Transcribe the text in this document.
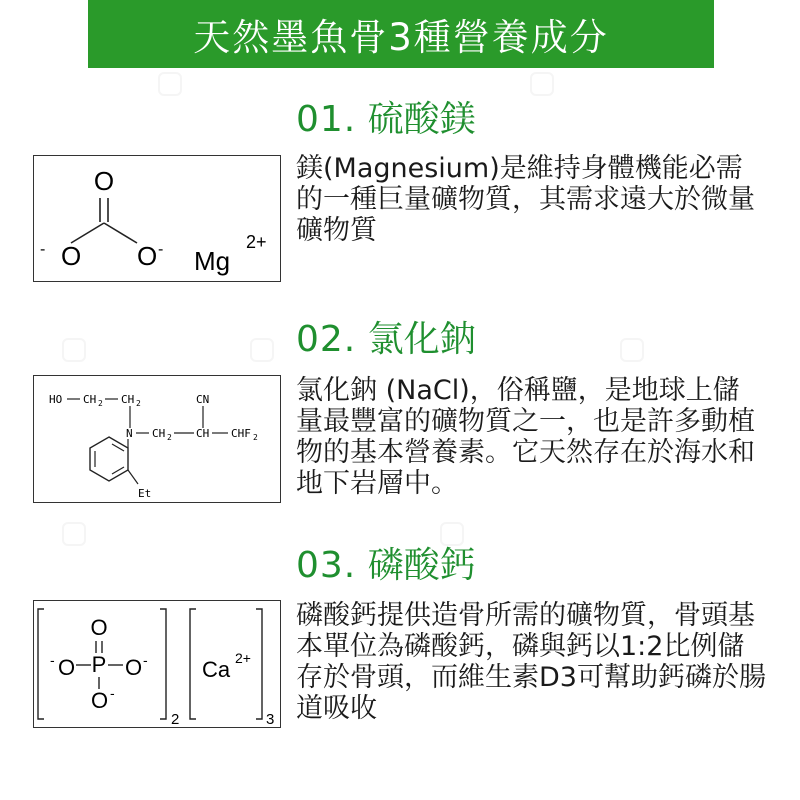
天然墨魚骨3種營養成分
01. 硫酸鎂
鎂(Magnesium)是維持身體機能必需的一種巨量礦物質，其需求遠大於微量礦物質
O
- O O - Mg
2+
02. 氯化鈉
氯化鈉 (NaCl)，俗稱鹽，是地球上儲量最豐富的礦物質之一，也是許多動植物的基本營養素。它天然存在於海水和地下岩層中。
HO CH 2 CH 2	CN
N CH 2 CH CHF 2
Et
03. 磷酸鈣
磷酸鈣提供造骨所需的礦物質，骨頭基本單位為磷酸鈣，磷與鈣以1:2比例儲存於骨頭，而維生素D3可幫助鈣磷於腸道吸收
2
O
P
- O O -
O -
Ca 2+
3
